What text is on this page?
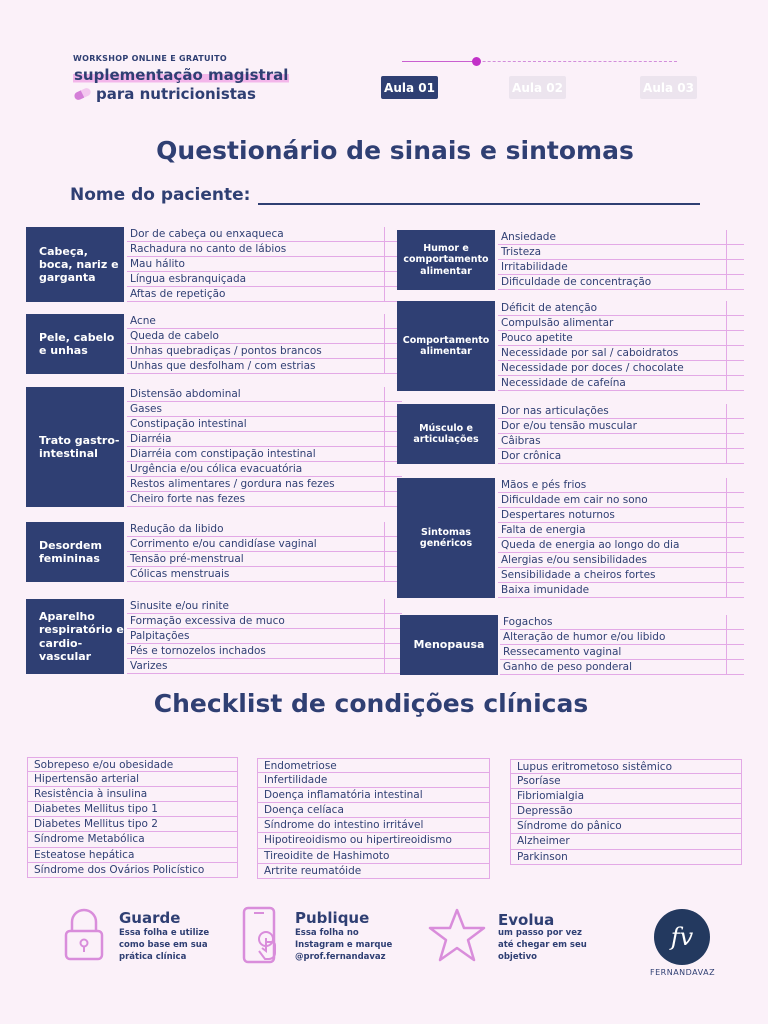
WORKSHOP ONLINE E GRATUITO
suplementação magistral
para nutricionistas	Aula 01	Aula 02	Aula 03
Questionário de sinais e sintomas
Nome do paciente:
Cabeça, boca, nariz e garganta
Dor de cabeça ou enxaqueca
Rachadura no canto de lábios
Mau hálito
Língua esbranquiçada
Aftas de repetição
Pele, cabelo e unhas
Acne
Queda de cabelo
Unhas quebradiças / pontos brancos
Unhas que desfolham / com estrias
Trato gastro-intestinal
Distensão abdominal
Gases
Constipação intestinal
Diarréia
Diarréia com constipação intestinal
Urgência e/ou cólica evacuatória
Restos alimentares / gordura nas fezes
Cheiro forte nas fezes
Desordem femininas
Redução da libido
Corrimento e/ou candidíase vaginal
Tensão pré-menstrual
Cólicas menstruais
Aparelho respiratório e cardio-vascular
Sinusite e/ou rinite
Formação excessiva de muco
Palpitações
Pés e tornozelos inchados
Varizes
Humor e comportamento alimentar
Ansiedade
Tristeza
Irritabilidade
Dificuldade de concentração
Comportamento alimentar
Déficit de atenção
Compulsão alimentar
Pouco apetite
Necessidade por sal / caboidratos
Necessidade por doces / chocolate
Necessidade de cafeína
Músculo e articulações
Dor nas articulações
Dor e/ou tensão muscular
Câibras
Dor crônica
Sintomas genéricos
Mãos e pés frios
Dificuldade em cair no sono
Despertares noturnos
Falta de energia
Queda de energia ao longo do dia
Alergias e/ou sensibilidades
Sensibilidade a cheiros fortes
Baixa imunidade
Menopausa
Fogachos
Alteração de humor e/ou libido
Ressecamento vaginal
Ganho de peso ponderal
Checklist de condições clínicas
Sobrepeso e/ou obesidade
Hipertensão arterial
Resistência à insulina
Diabetes Mellitus tipo 1
Diabetes Mellitus tipo 2
Síndrome Metabólica
Esteatose hepática
Síndrome dos Ovários Policístico
Endometriose
Infertilidade
Doença inflamatória intestinal
Doença celíaca
Síndrome do intestino irritável
Hipotireoidismo ou hipertireoidismo
Tireoidite de Hashimoto
Artrite reumatóide
Lupus eritrometoso sistêmico
Psoríase
Fibriomialgia
Depressão
Síndrome do pânico
Alzheimer
Parkinson
Guarde
Essa folha e utilize como base em sua prática clínica
Publique
Essa folha no Instagram e marque @prof.fernandavaz
Evolua
um passo por vez até chegar em seu objetivo
fv
FERNANDAVAZ
